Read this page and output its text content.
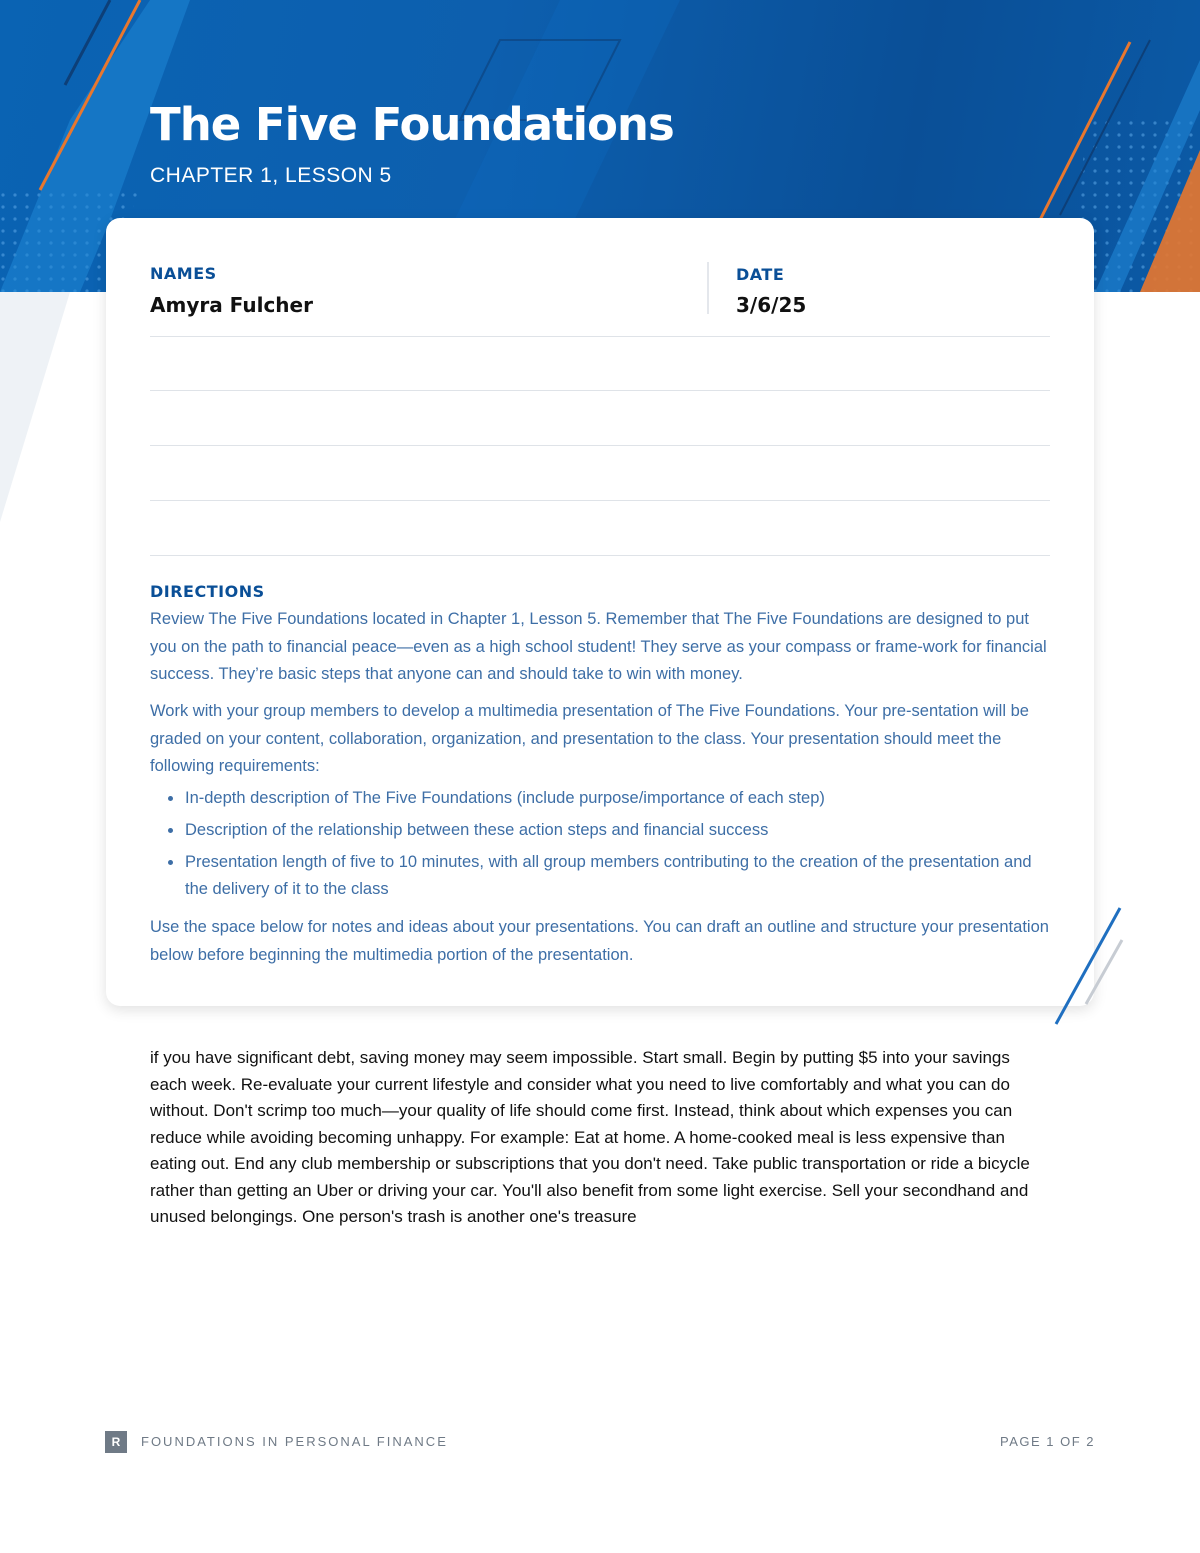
The Five Foundations

CHAPTER 1, LESSON 5

NAMES
Amyra Fulcher
DATE
3/6/25
DIRECTIONS

Review The Five Foundations located in Chapter 1, Lesson 5. Remember that The Five Foundations are designed to put you on the path to financial peace—even as a high school student! They serve as your compass or frame-work for financial success. They’re basic steps that anyone can and should take to win with money.

Work with your group members to develop a multimedia presentation of The Five Foundations. Your pre-sentation will be graded on your content, collaboration, organization, and presentation to the class. Your presentation should meet the following requirements:

In-depth description of The Five Foundations (include purpose/importance of each step)
Description of the relationship between these action steps and financial success
Presentation length of five to 10 minutes, with all group members contributing to the creation of the presentation and the delivery of it to the class

Use the space below for notes and ideas about your presentations. You can draft an outline and structure your presentation below before beginning the multimedia portion of the presentation.

if you have significant debt, saving money may seem impossible. Start small. Begin by putting $5 into your savings each week. Re-evaluate your current lifestyle and consider what you need to live comfortably and what you can do without. Don't scrimp too much—your quality of life should come first. Instead, think about which expenses you can reduce while avoiding becoming unhappy. For example: Eat at home. A home-cooked meal is less expensive than eating out. End any club membership or subscriptions that you don't need. Take public transportation or ride a bicycle rather than getting an Uber or driving your car. You'll also benefit from some light exercise. Sell your secondhand and unused belongings. One person's trash is another one's treasure

R	FOUNDATIONS IN PERSONAL FINANCE	PAGE 1 OF 2
